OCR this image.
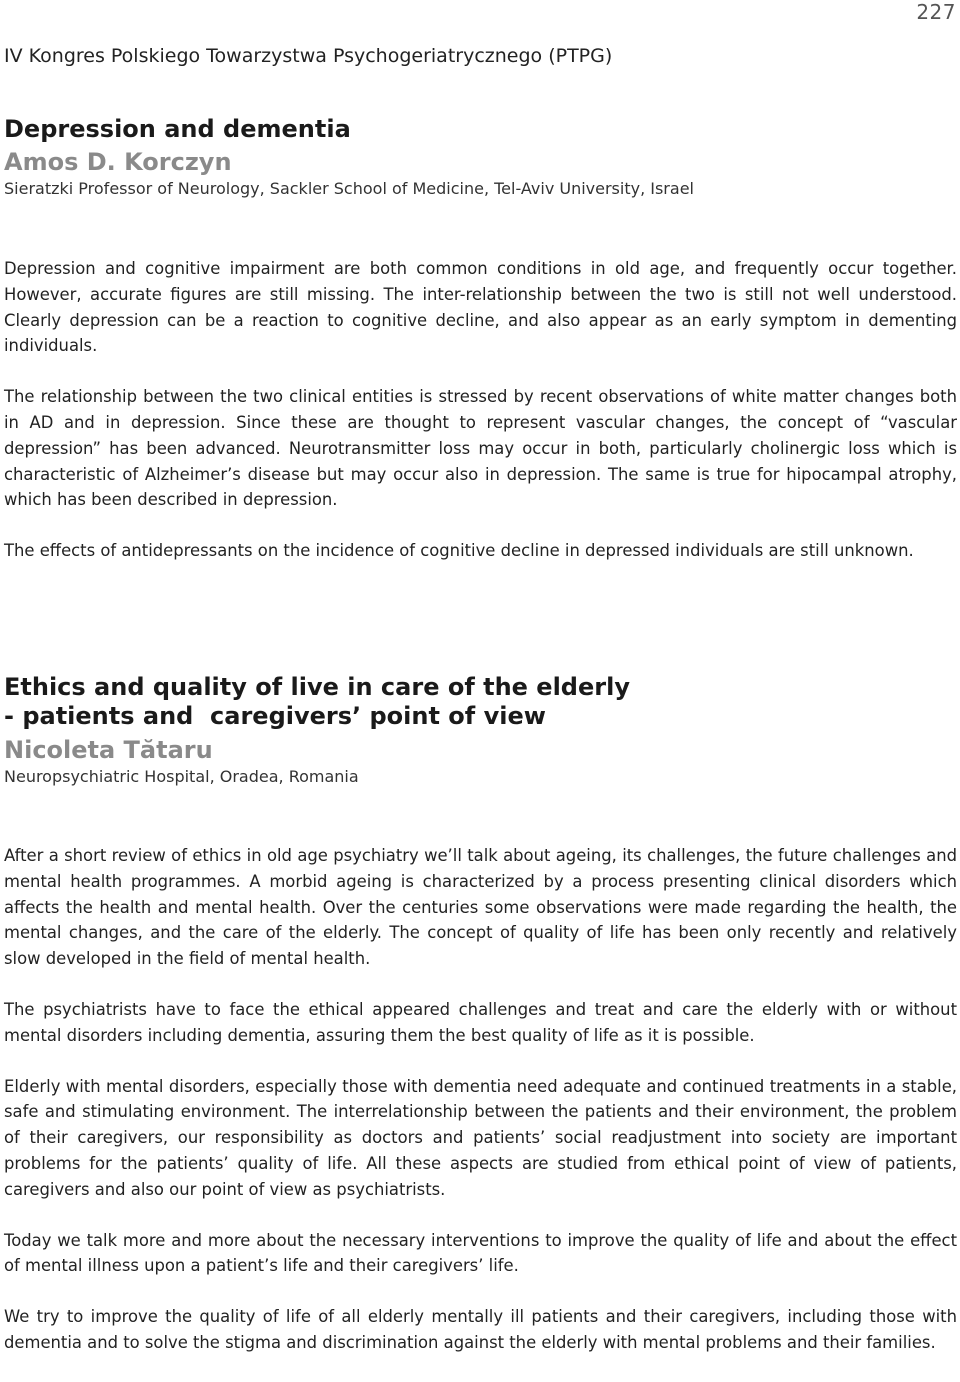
227
IV Kongres Polskiego Towarzystwa Psychogeriatrycznego (PTPG)
Depression and dementia
Amos D. Korczyn

Sieratzki Professor of Neurology, Sackler School of Medicine, Tel-Aviv University, Israel

Depression and cognitive impairment are both common conditions in old age, and frequently occur together. However, accurate figures are still missing. The inter-relationship between the two is still not well understood. Clearly depression can be a reaction to cognitive decline, and also appear as an early symptom in dementing individuals.

The relationship between the two clinical entities is stressed by recent observations of white matter changes both in AD and in depression. Since these are thought to represent vascular changes, the concept of “vascular depression” has been advanced. Neurotransmitter loss may occur in both, particularly cholinergic loss which is characteristic of Alzheimer’s disease but may occur also in depression. The same is true for hipocampal atrophy, which has been described in depression.

The effects of antidepressants on the incidence of cognitive decline in depressed individuals are still unknown.

Ethics and quality of live in care of the elderly
- patients and  caregivers’ point of view
Nicoleta Tătaru

Neuropsychiatric Hospital, Oradea, Romania

After a short review of ethics in old age psychiatry we’ll talk about ageing, its challenges, the future challenges and mental health programmes. A morbid ageing is characterized by a process presenting clinical disorders which affects the health and mental health. Over the centuries some observations were made regarding the health, the mental changes, and the care of the elderly. The concept of quality of life has been only recently and relatively slow developed in the field of mental health.

The psychiatrists have to face the ethical appeared challenges and treat and care the elderly with or without mental disorders including dementia, assuring them the best quality of life as it is possible.

Elderly with mental disorders, especially those with dementia need adequate and continued treatments in a stable, safe and stimulating environment. The interrelationship between the patients and their environment, the problem of their caregivers, our responsibility as doctors and patients’ social readjustment into society are important problems for the patients’ quality of life. All these aspects are studied from ethical point of view of patients, caregivers and also our point of view as psychiatrists.

Today we talk more and more about the necessary interventions to improve the quality of life and about the effect of mental illness upon a patient’s life and their caregivers’ life.

We try to improve the quality of life of all elderly mentally ill patients and their caregivers, including those with dementia and to solve the stigma and discrimination against the elderly with mental problems and their families.
